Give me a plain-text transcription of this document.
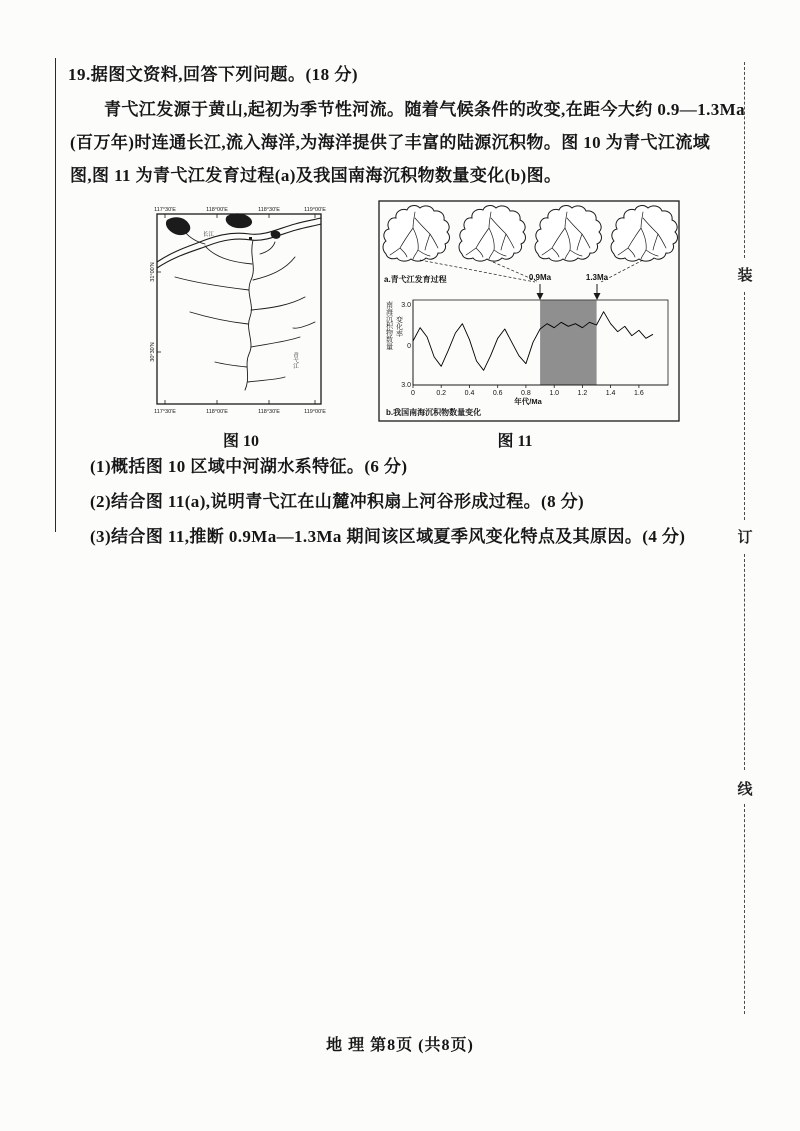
19.据图文资料,回答下列问题。(18 分)
青弋江发源于黄山,起初为季节性河流。随着气候条件的改变,在距今大约 0.9—1.3Ma
(百万年)时连通长江,流入海洋,为海洋提供了丰富的陆源沉积物。图 10 为青弋江流域
图,图 11 为青弋江发育过程(a)及我国南海沉积物数量变化(b)图。
117°30'E	118°00'E	118°30'E	119°00'E
117°30'E	118°00'E	118°30'E	119°00'E
31°00'N
30°30'N
长江
青弋江
a.青弋江发育过程	0.9Ma	1.3Ma
南海沉积物数量 变化率
3.0
0
3.0
0	0.2	0.4	0.6	0.8	1.0	1.2	1.4	1.6
年代/Ma
b.我国南海沉积物数量变化
图 10	图 11
(1)概括图 10 区域中河湖水系特征。(6 分)
(2)结合图 11(a),说明青弋江在山麓冲积扇上河谷形成过程。(8 分)
(3)结合图 11,推断 0.9Ma—1.3Ma 期间该区域夏季风变化特点及其原因。(4 分)
装
订
线
地 理 第8页 (共8页)
